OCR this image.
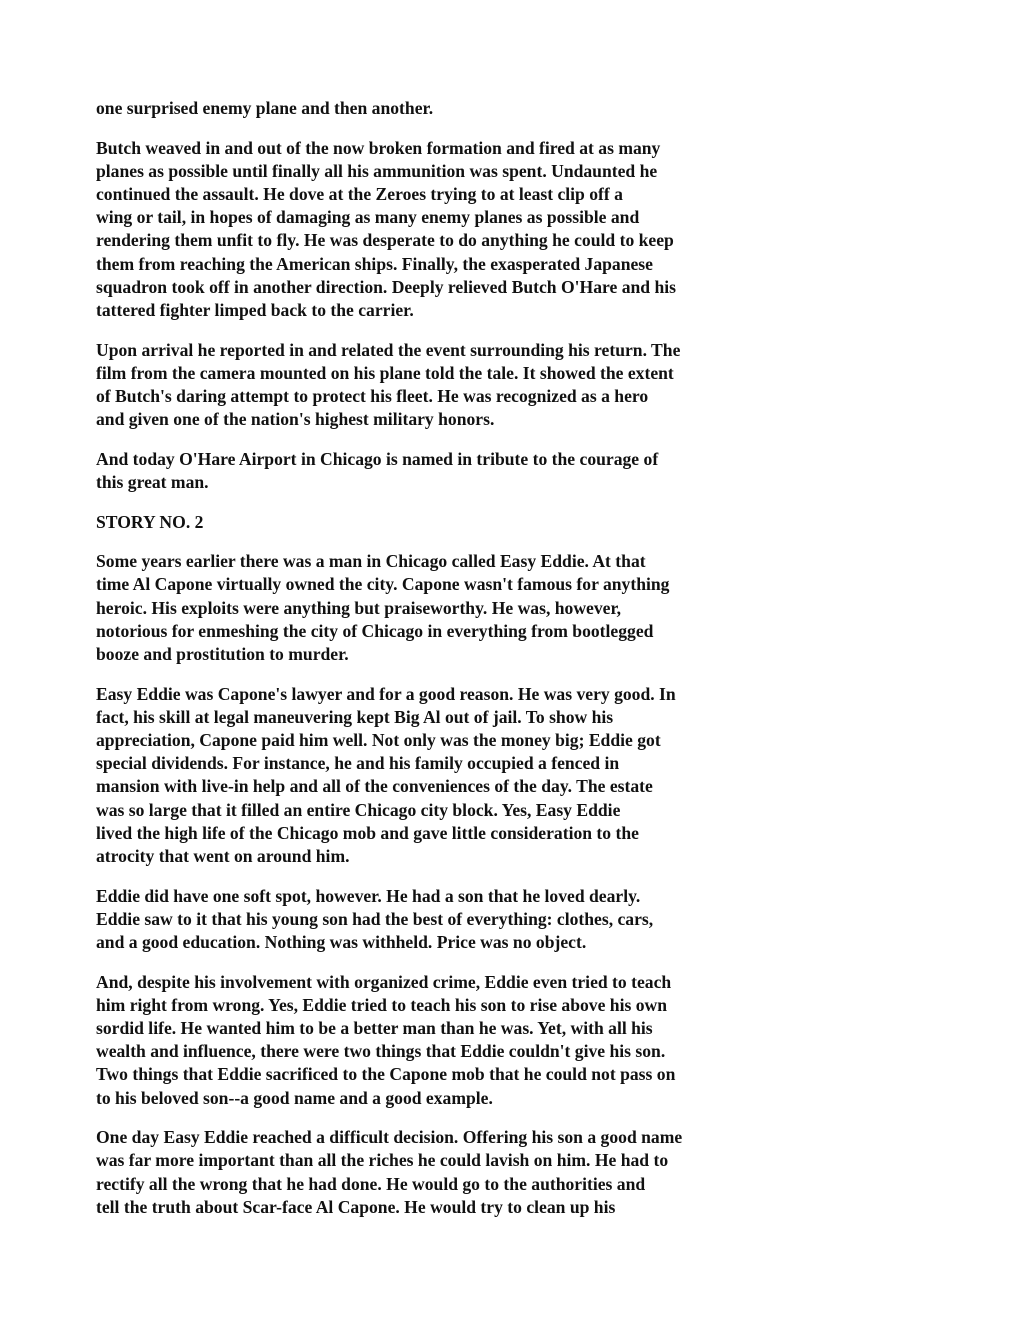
one surprised enemy plane and then another.

Butch weaved in and out of the now broken formation and fired at as many
planes as possible until finally all his ammunition was spent. Undaunted he
continued the assault. He dove at the Zeroes trying to at least clip off a
wing or tail, in hopes of damaging as many enemy planes as possible and
rendering them unfit to fly. He was desperate to do anything he could to keep
them from reaching the American ships. Finally, the exasperated Japanese
squadron took off in another direction. Deeply relieved Butch O'Hare and his
tattered fighter limped back to the carrier.

Upon arrival he reported in and related the event surrounding his return. The
film from the camera mounted on his plane told the tale. It showed the extent
of Butch's daring attempt to protect his fleet. He was recognized as a hero
and given one of the nation's highest military honors.

And today O'Hare Airport in Chicago is named in tribute to the courage of
this great man.

STORY NO. 2

Some years earlier there was a man in Chicago called Easy Eddie. At that
time Al Capone virtually owned the city. Capone wasn't famous for anything
heroic. His exploits were anything but praiseworthy. He was, however,
notorious for enmeshing the city of Chicago in everything from bootlegged
booze and prostitution to murder.

Easy Eddie was Capone's lawyer and for a good reason. He was very good. In
fact, his skill at legal maneuvering kept Big Al out of jail. To show his
appreciation, Capone paid him well. Not only was the money big; Eddie got
special dividends. For instance, he and his family occupied a fenced in
mansion with live-in help and all of the conveniences of the day. The estate
was so large that it filled an entire Chicago city block. Yes, Easy Eddie
lived the high life of the Chicago mob and gave little consideration to the
atrocity that went on around him.

Eddie did have one soft spot, however. He had a son that he loved dearly.
Eddie saw to it that his young son had the best of everything: clothes, cars,
and a good education. Nothing was withheld. Price was no object.

And, despite his involvement with organized crime, Eddie even tried to teach
him right from wrong. Yes, Eddie tried to teach his son to rise above his own
sordid life. He wanted him to be a better man than he was. Yet, with all his
wealth and influence, there were two things that Eddie couldn't give his son.
Two things that Eddie sacrificed to the Capone mob that he could not pass on
to his beloved son--a good name and a good example.

One day Easy Eddie reached a difficult decision. Offering his son a good name
was far more important than all the riches he could lavish on him. He had to
rectify all the wrong that he had done. He would go to the authorities and
tell the truth about Scar-face Al Capone. He would try to clean up his
